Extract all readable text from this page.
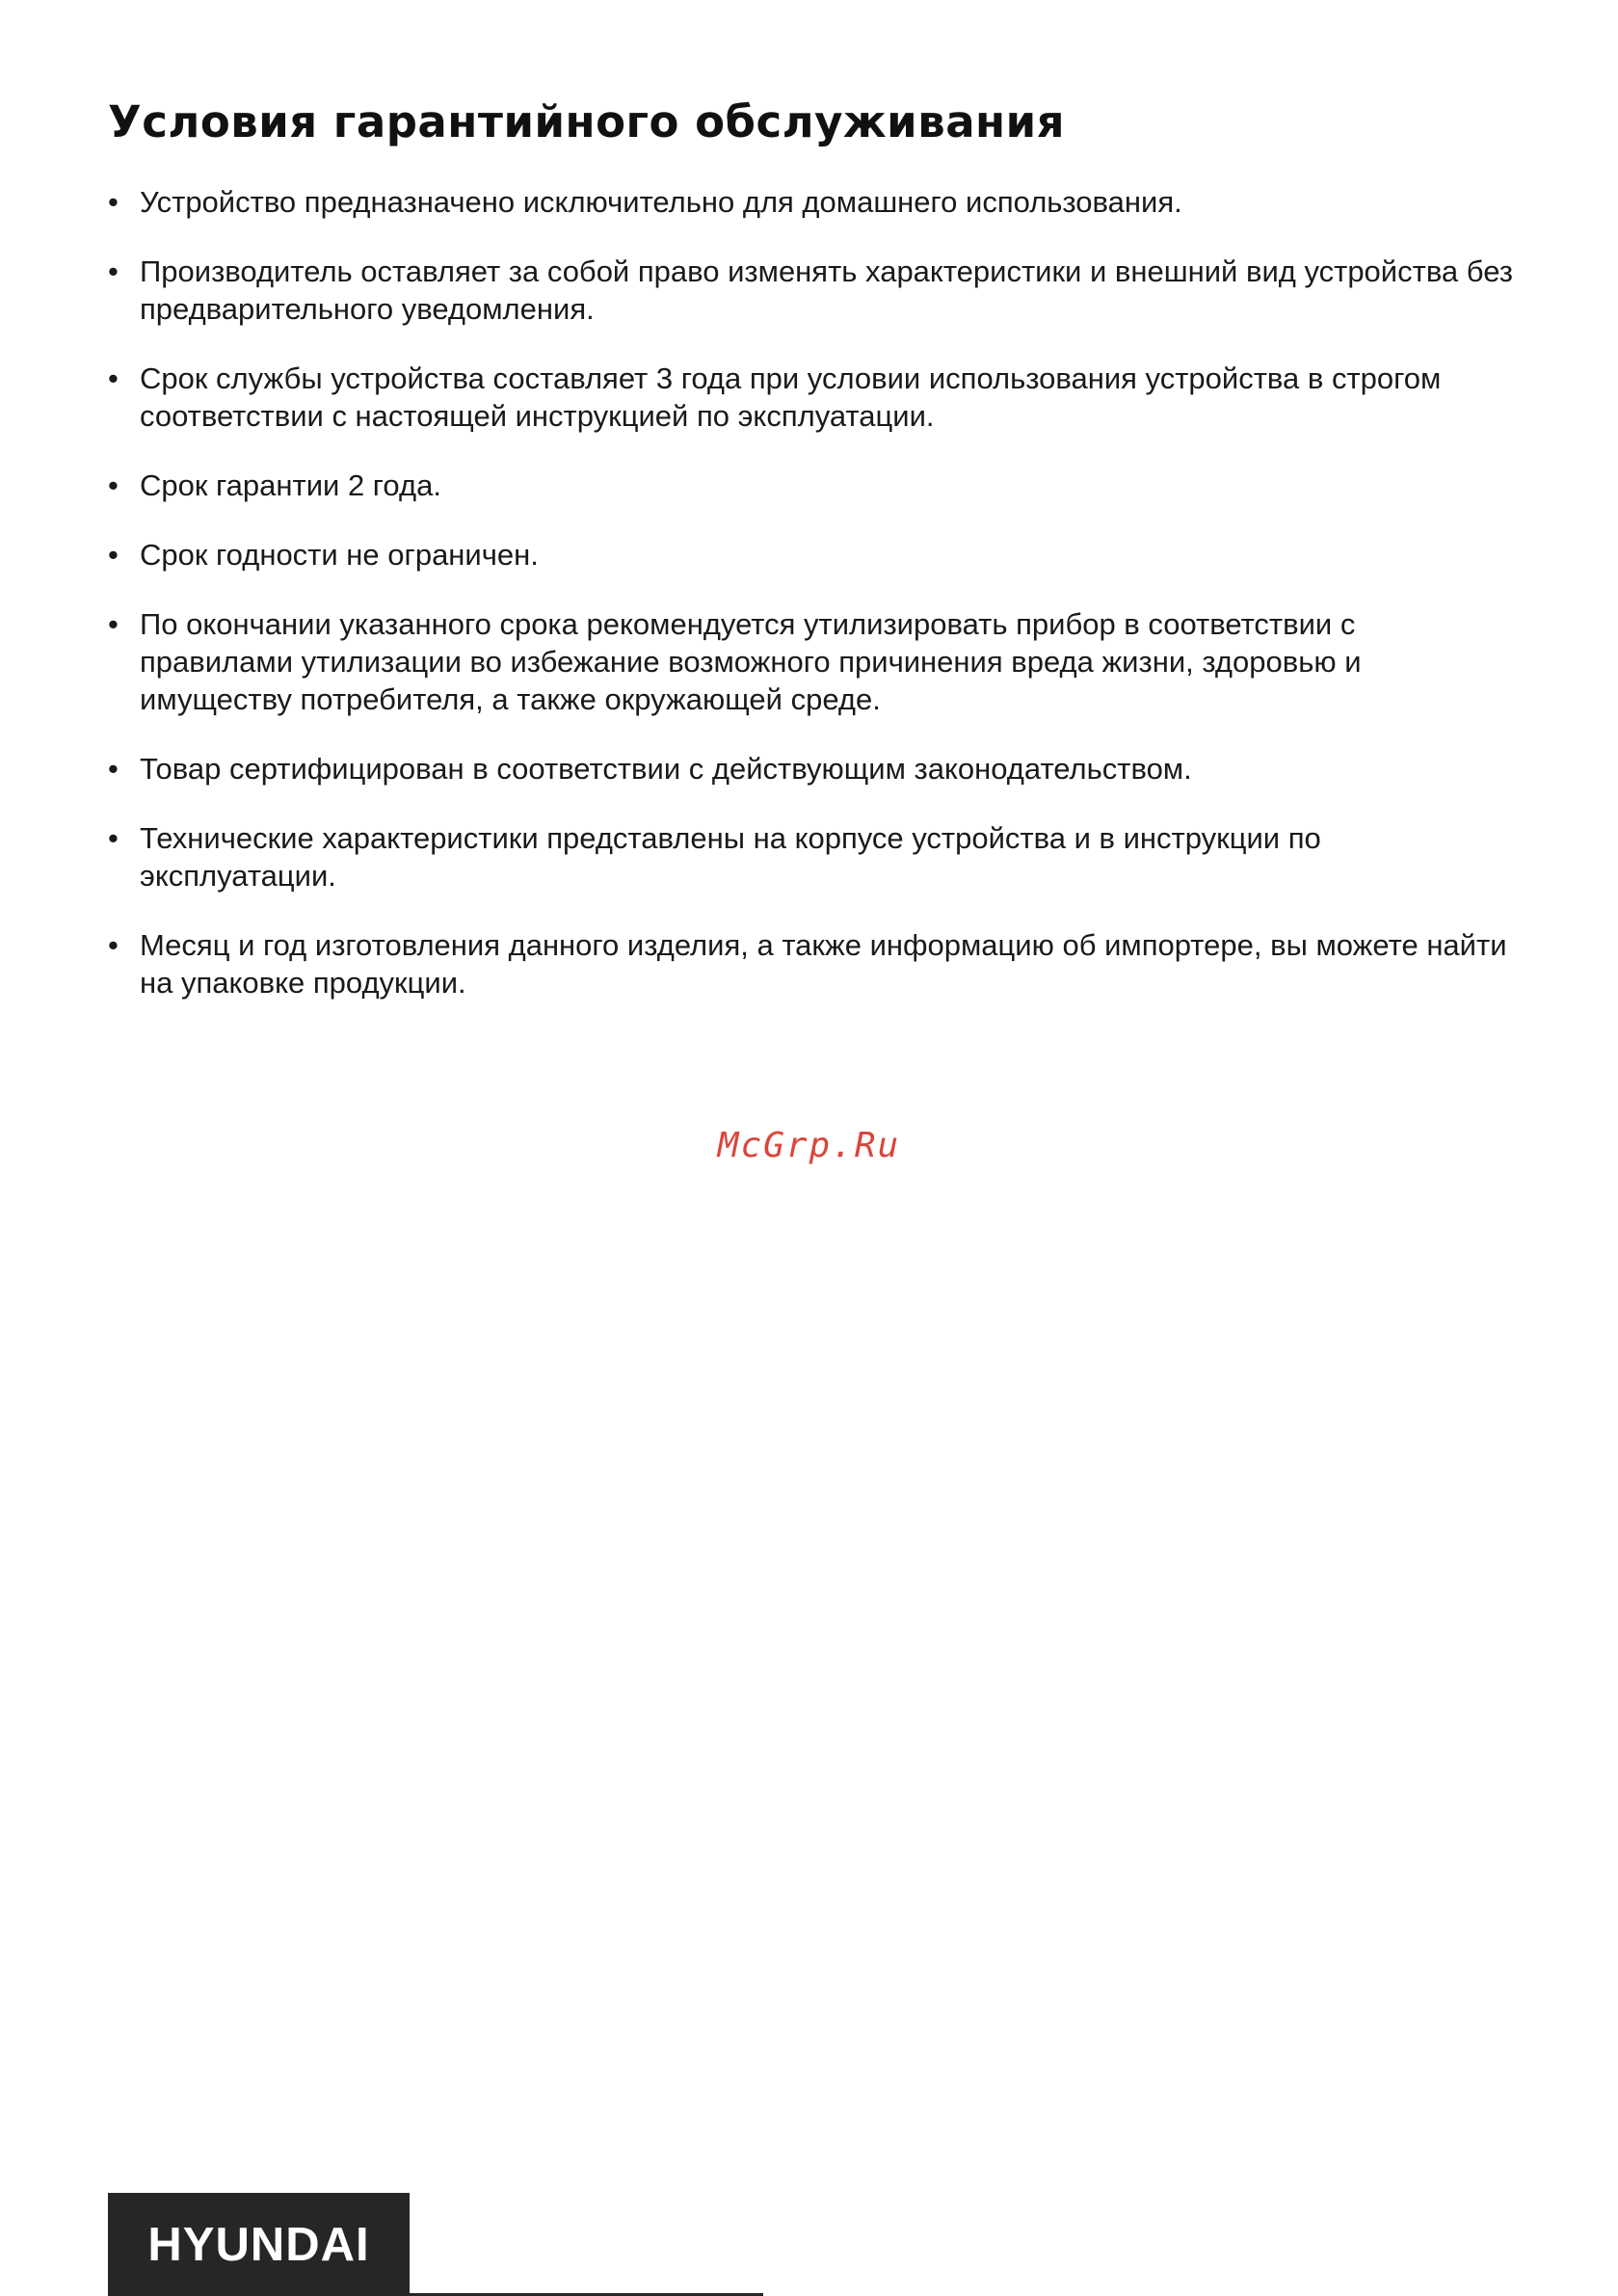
Условия гарантийного обслуживания
• Устройство предназначено исключительно для домашнего использования.
• Производитель оставляет за собой право изменять характеристики и внешний вид устройства без предварительного уведомления.
• Срок службы устройства составляет 3 года при условии использования устройства в строгом соответствии с настоящей инструкцией по эксплуатации.
• Срок гарантии 2 года.
• Срок годности не ограничен.
• По окончании указанного срока рекомендуется утилизировать прибор в соответствии с правилами утилизации во избежание возможного причинения вреда жизни, здоровью и имуществу потребителя, а также окружающей среде.
• Товар сертифицирован в соответствии с действующим законодательством.
• Технические характеристики представлены на корпусе устройства и в инструкции по эксплуатации.
• Месяц и год изготовления данного изделия, а также информацию об импортере, вы можете найти на упаковке продукции.
McGrp.Ru
HYUNDAI
